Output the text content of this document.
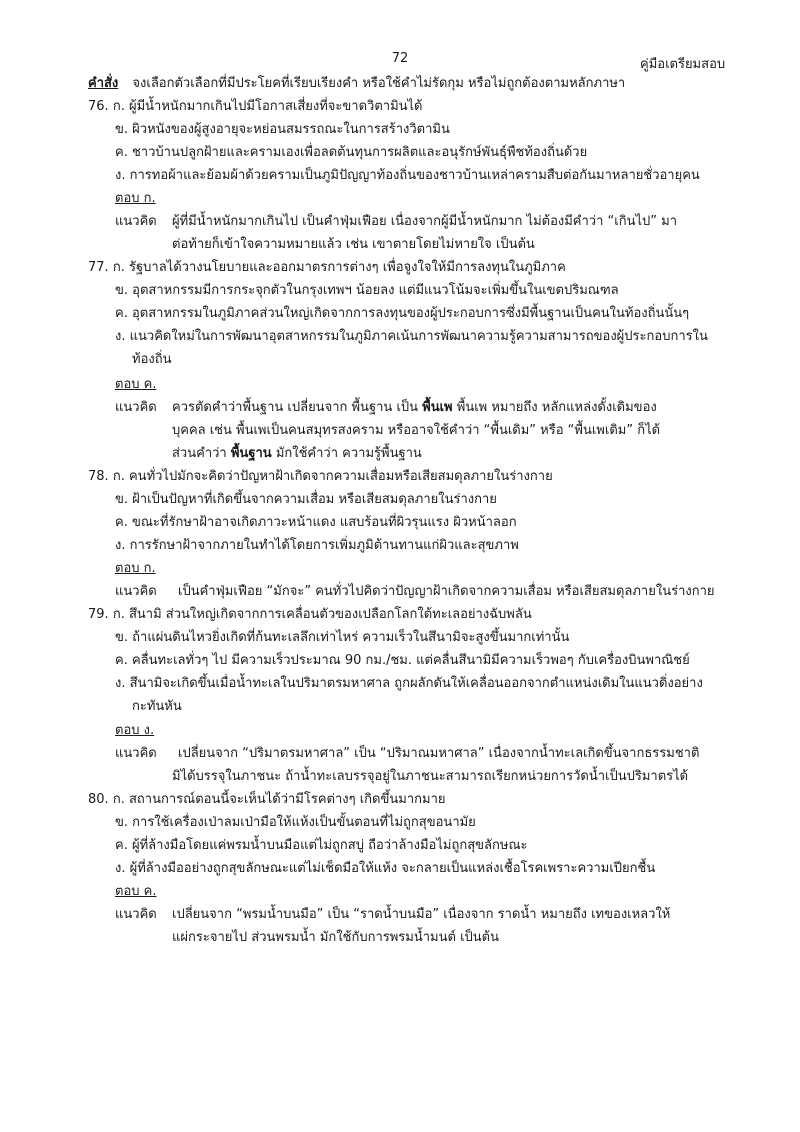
72	คู่มือเตรียมสอบ
คำสั่ง จงเลือกตัวเลือกที่มีประโยคที่เรียบเรียงคำ หรือใช้คำไม่รัดกุม หรือไม่ถูกต้องตามหลักภาษา
76. ก. ผู้มีน้ำหนักมากเกินไปมีโอกาสเสี่ยงที่จะขาดวิตามินได้
ข. ผิวหนังของผู้สูงอายุจะหย่อนสมรรถณะในการสร้างวิตามิน
ค. ชาวบ้านปลูกฝ้ายและครามเองเพื่อลดต้นทุนการผลิตและอนุรักษ์พันธุ์พืชท้องถิ่นด้วย
ง. การทอผ้าและย้อมผ้าด้วยครามเป็นภูมิปัญญาท้องถิ่นของชาวบ้านเหล่าครามสืบต่อกันมาหลายชั่วอายุคน
ตอบ ก.
แนวคิด ผู้ที่มีน้ำหนักมากเกินไป เป็นคำฟุ่มเฟือย เนื่องจากผู้มีน้ำหนักมาก ไม่ต้องมีคำว่า “เกินไป” มา
ต่อท้ายก็เข้าใจความหมายแล้ว เช่น เขาตายโดยไม่หายใจ เป็นต้น
77. ก. รัฐบาลได้วางนโยบายและออกมาตรการต่างๆ เพื่อจูงใจให้มีการลงทุนในภูมิภาค
ข. อุตสาหกรรมมีการกระจุกตัวในกรุงเทพฯ น้อยลง แต่มีแนวโน้มจะเพิ่มขึ้นในเขตปริมณฑล
ค. อุตสาหกรรมในภูมิภาคส่วนใหญ่เกิดจากการลงทุนของผู้ประกอบการซึ่งมีพื้นฐานเป็นคนในท้องถิ่นนั้นๆ
ง. แนวคิดใหม่ในการพัฒนาอุตสาหกรรมในภูมิภาคเน้นการพัฒนาความรู้ความสามารถของผู้ประกอบการใน
ท้องถิ่น
ตอบ ค.
แนวคิด ควรตัดคำว่าพื้นฐาน เปลี่ยนจาก พื้นฐาน เป็น พื้นเพ พื้นเพ หมายถึง หลักแหล่งดั้งเดิมของ
บุคคล เช่น พื้นเพเป็นคนสมุทรสงคราม หรืออาจใช้คำว่า “พื้นเดิม” หรือ “พื้นเพเดิม” ก็ได้
ส่วนคำว่า พื้นฐาน มักใช้คำว่า ความรู้พื้นฐาน
78. ก. คนทั่วไปมักจะคิดว่าปัญหาฝ้าเกิดจากความเสื่อมหรือเสียสมดุลภายในร่างกาย
ข. ฝ้าเป็นปัญหาที่เกิดขึ้นจากความเสื่อม หรือเสียสมดุลภายในร่างกาย
ค. ขณะที่รักษาฝ้าอาจเกิดภาวะหน้าแดง แสบร้อนที่ผิวรุนแรง ผิวหน้าลอก
ง. การรักษาฝ้าจากภายในทำได้โดยการเพิ่มภูมิต้านทานแก่ผิวและสุขภาพ
ตอบ ก.
แนวคิด เป็นคำฟุ่มเฟือย “มักจะ” คนทั่วไปคิดว่าปัญญาฝ้าเกิดจากความเสื่อม หรือเสียสมดุลภายในร่างกาย
79. ก. สึนามิ ส่วนใหญ่เกิดจากการเคลื่อนตัวของเปลือกโลกใต้ทะเลอย่างฉับพลัน
ข. ถ้าแผ่นดินไหวยิ่งเกิดที่ก้นทะเลลึกเท่าไหร่ ความเร็วในสึนามิจะสูงขึ้นมากเท่านั้น
ค. คลื่นทะเลทั่วๆ ไป มีความเร็วประมาณ 90 กม./ชม. แต่คลื่นสึนามิมีความเร็วพอๆ กับเครื่องบินพาณิชย์
ง. สึนามิจะเกิดขึ้นเมื่อน้ำทะเลในปริมาตรมหาศาล ถูกผลักดันให้เคลื่อนออกจากตำแหน่งเดิมในแนวดิ่งอย่าง
กะทันหัน
ตอบ ง.
แนวคิด เปลี่ยนจาก “ปริมาตรมหาศาล” เป็น “ปริมาณมหาศาล” เนื่องจากน้ำทะเลเกิดขึ้นจากธรรมชาติ
มิได้บรรจุในภาชนะ ถ้าน้ำทะเลบรรจุอยู่ในภาชนะสามารถเรียกหน่วยการวัดน้ำเป็นปริมาตรได้
80. ก. สถานการณ์ตอนนี้จะเห็นได้ว่ามีโรคต่างๆ เกิดขึ้นมากมาย
ข. การใช้เครื่องเป่าลมเป่ามือให้แห้งเป็นขั้นตอนที่ไม่ถูกสุขอนามัย
ค. ผู้ที่ล้างมือโดยแค่พรมน้ำบนมือแต่ไม่ถูกสบู่ ถือว่าล้างมือไม่ถูกสุขลักษณะ
ง. ผู้ที่ล้างมืออย่างถูกสุขลักษณะแต่ไม่เช็ดมือให้แห้ง จะกลายเป็นแหล่งเชื้อโรคเพราะความเปียกชื้น
ตอบ ค.
แนวคิด เปลี่ยนจาก “พรมน้ำบนมือ” เป็น “ราดน้ำบนมือ” เนื่องจาก ราดน้ำ หมายถึง เทของเหลวให้
แผ่กระจายไป ส่วนพรมน้ำ มักใช้กับการพรมน้ำมนต์ เป็นต้น
